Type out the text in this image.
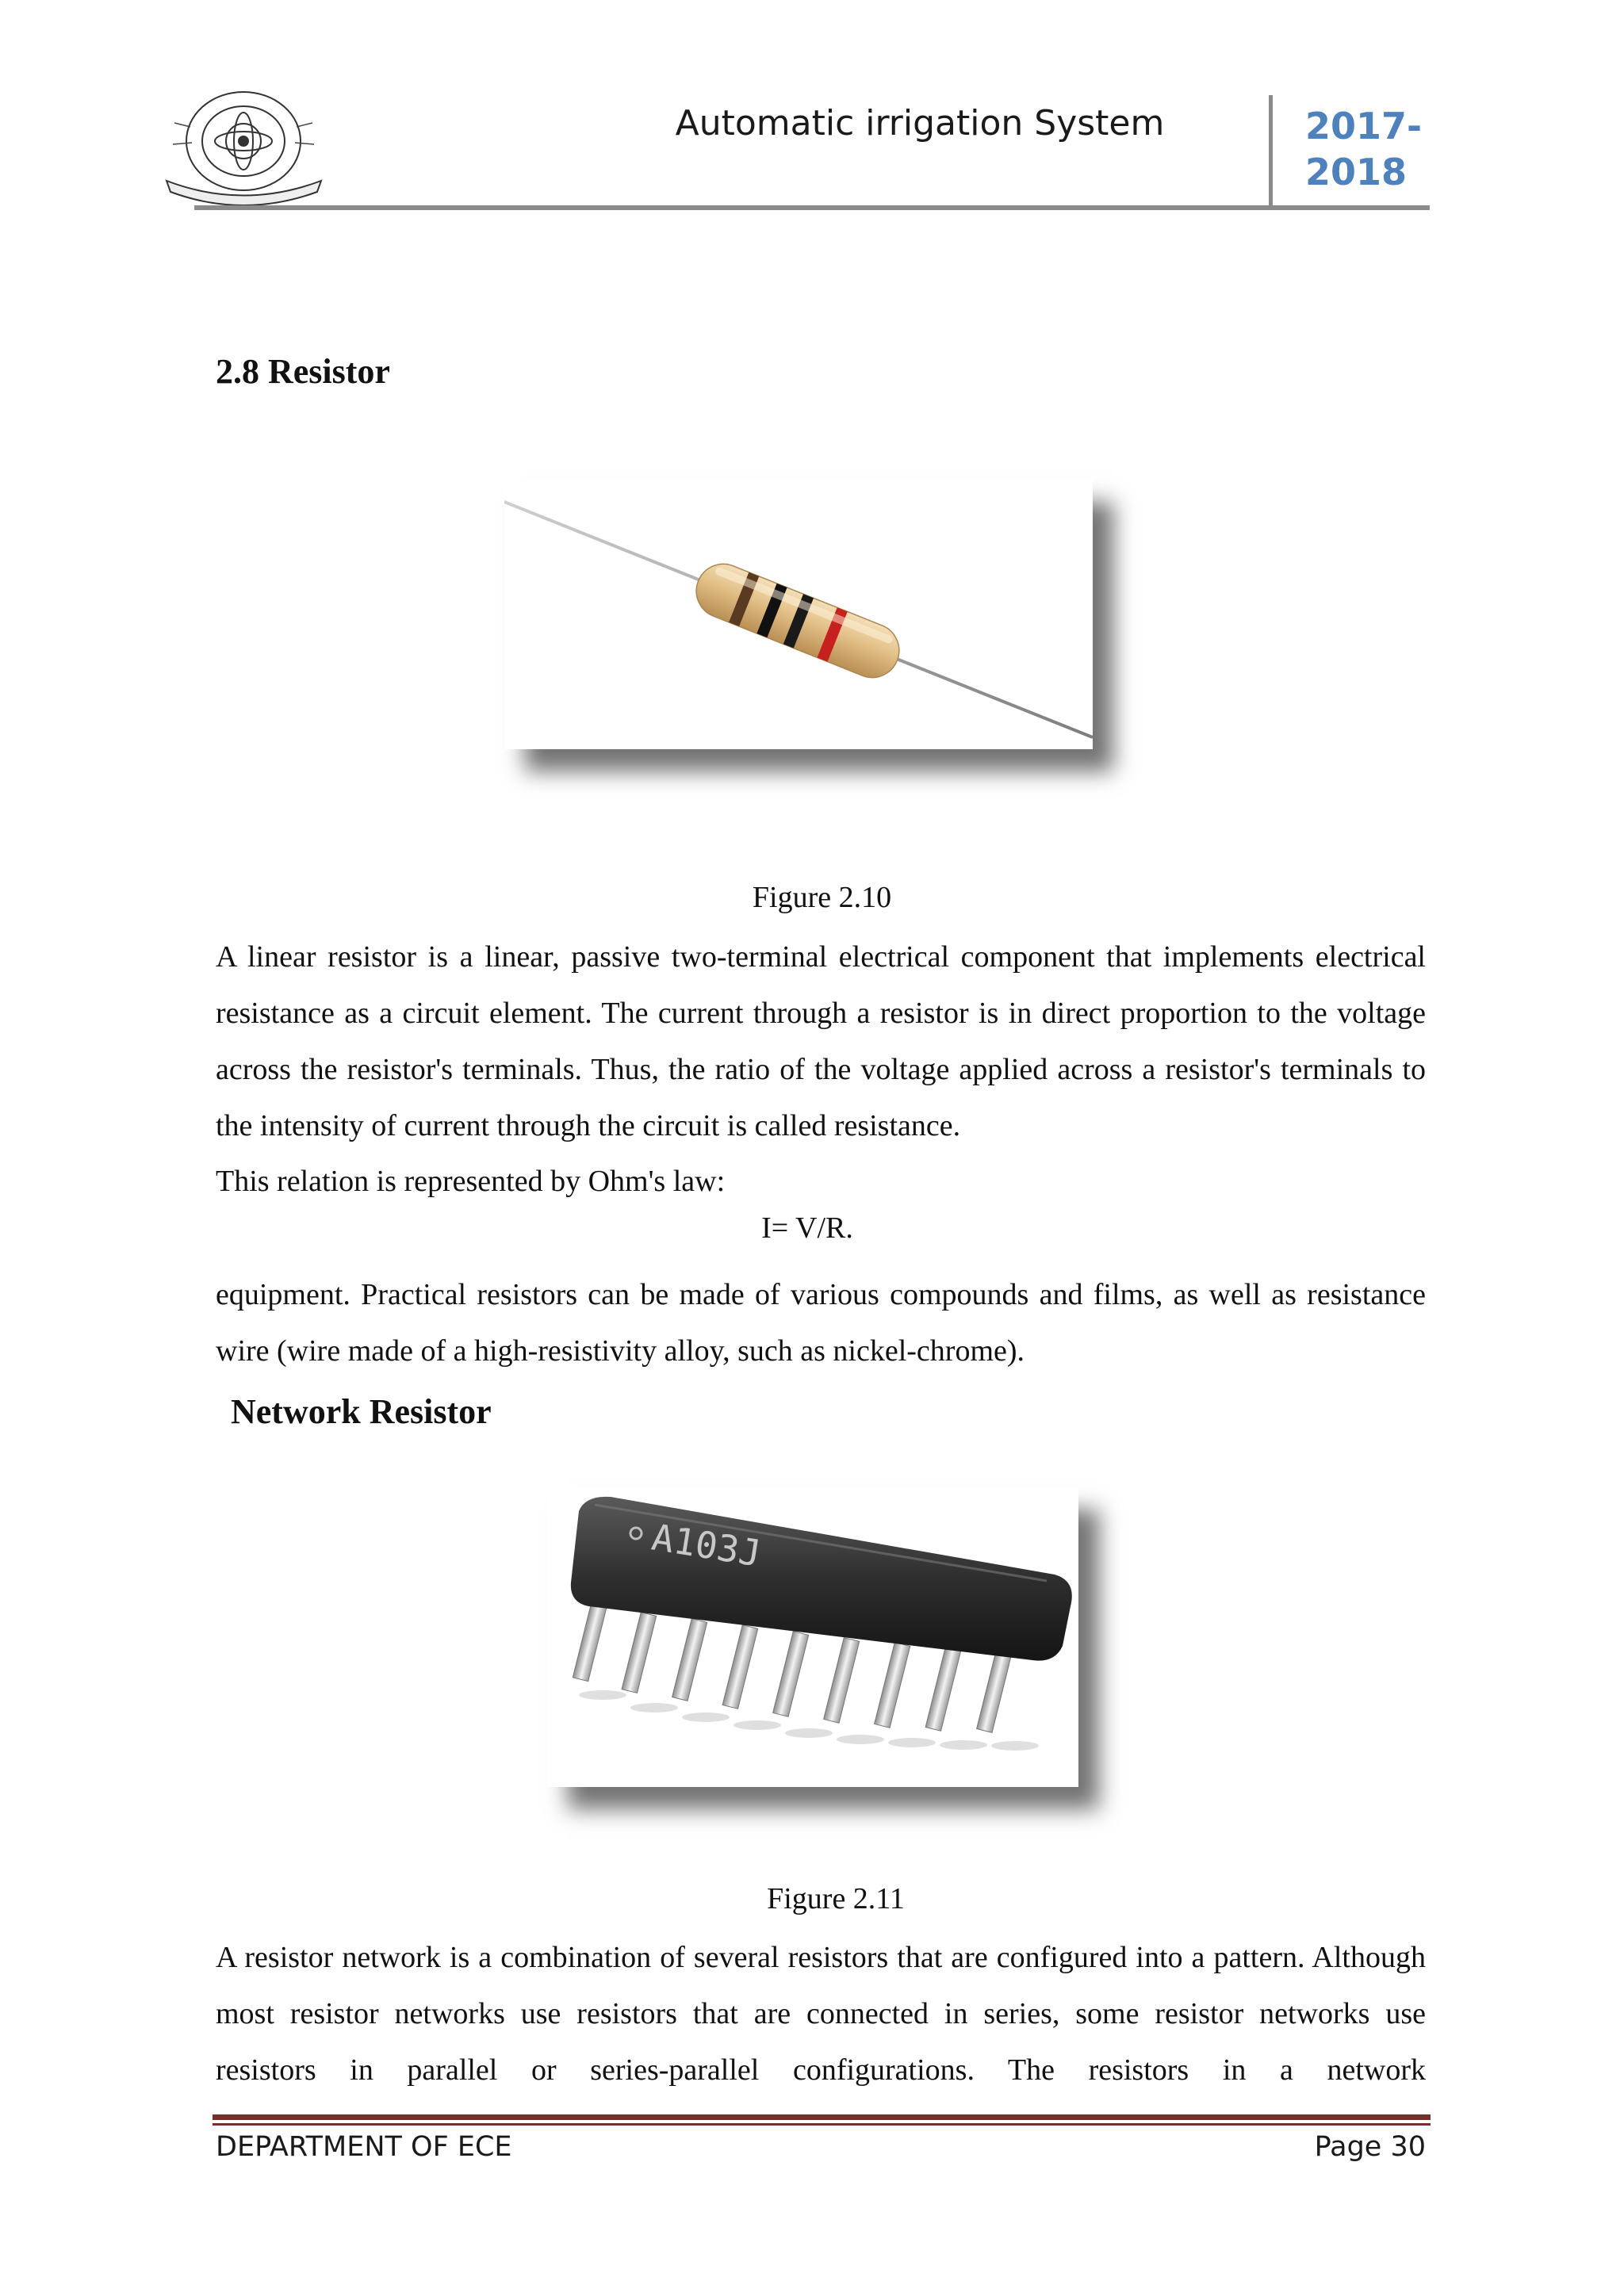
Automatic irrigation System	2017-
2018
2.8 Resistor
Figure 2.10
A linear resistor is a linear, passive two-terminal electrical component that implements electrical resistance as a circuit element. The current through a resistor is in direct proportion to the voltage across the resistor's terminals. Thus, the ratio of the voltage applied across a resistor's terminals to the intensity of current through the circuit is called resistance.
This relation is represented by Ohm's law:
I= V/R.
equipment. Practical resistors can be made of various compounds and films, as well as resistance wire (wire made of a high-resistivity alloy, such as nickel-chrome).
Network Resistor
A103J
Figure 2.11
A resistor network is a combination of several resistors that are configured into a pattern. Although most resistor networks use resistors that are connected in series, some resistor networks use resistors in parallel or series-parallel configurations. The resistors in a network
DEPARTMENT OF ECE	Page 30
